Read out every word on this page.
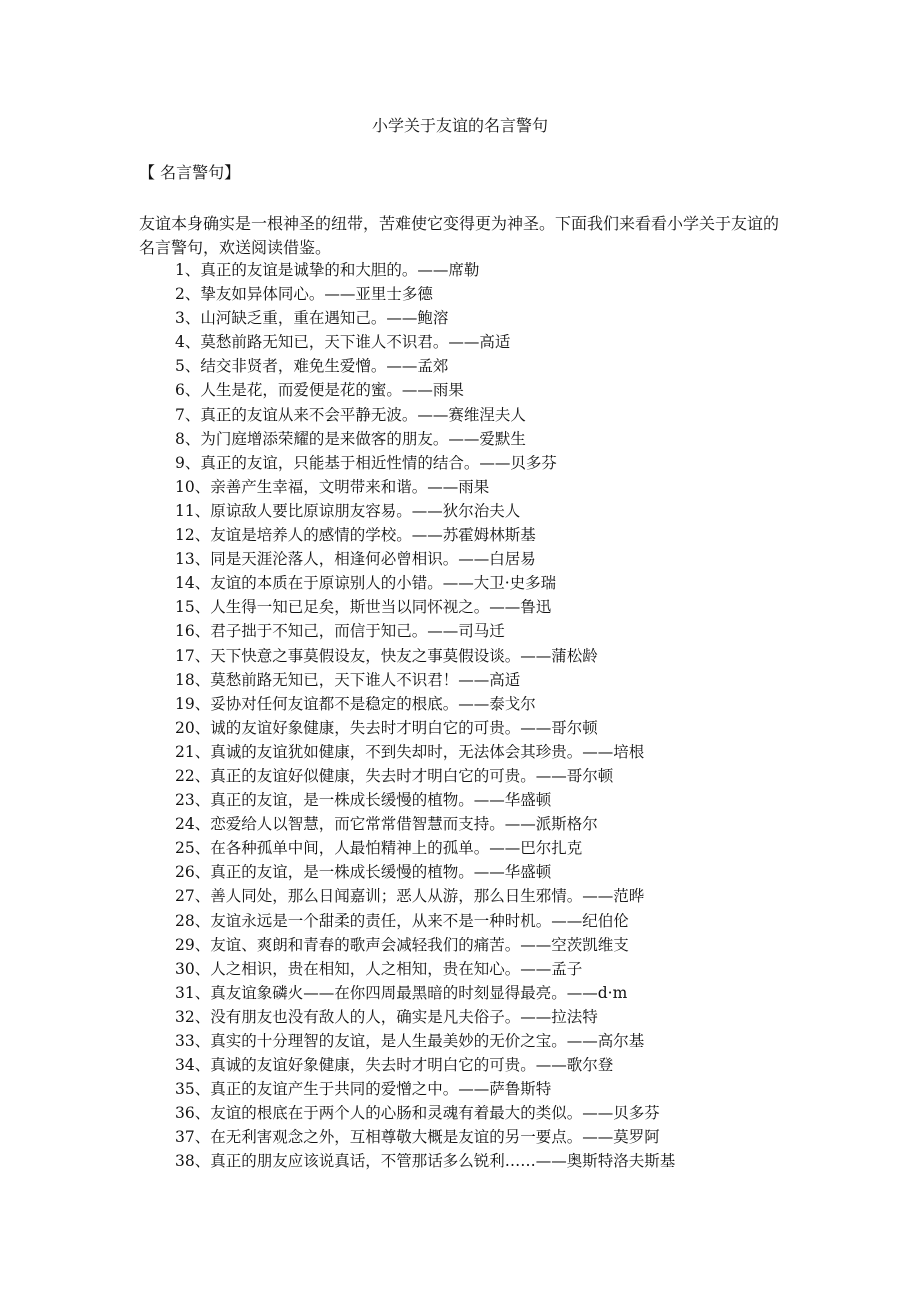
小学关于友谊的名言警句
【 名言警句】
友谊本身确实是一根神圣的纽带，苦难使它变得更为神圣。下面我们来看看小学关于友谊的名言警句，欢送阅读借鉴。
1、真正的友谊是诚挚的和大胆的。——席勒
2、挚友如异体同心。——亚里士多德
3、山河缺乏重，重在遇知己。——鲍溶
4、莫愁前路无知已，天下谁人不识君。——高适
5、结交非贤者，难免生爱憎。——孟郊
6、人生是花，而爱便是花的蜜。——雨果
7、真正的友谊从来不会平静无波。——赛维涅夫人
8、为门庭增添荣耀的是来做客的朋友。——爱默生
9、真正的友谊，只能基于相近性情的结合。——贝多芬
10、亲善产生幸福，文明带来和谐。——雨果
11、原谅敌人要比原谅朋友容易。——狄尔治夫人
12、友谊是培养人的感情的学校。——苏霍姆林斯基
13、同是天涯沦落人，相逢何必曾相识。——白居易
14、友谊的本质在于原谅别人的小错。——大卫·史多瑞
15、人生得一知已足矣，斯世当以同怀视之。——鲁迅
16、君子拙于不知己，而信于知己。——司马迁
17、天下快意之事莫假设友，快友之事莫假设谈。——蒲松龄
18、莫愁前路无知已，天下谁人不识君！——高适
19、妥协对任何友谊都不是稳定的根底。——泰戈尔
20、诚的友谊好象健康，失去时才明白它的可贵。——哥尔顿
21、真诚的友谊犹如健康，不到失却时，无法体会其珍贵。——培根
22、真正的友谊好似健康，失去时才明白它的可贵。——哥尔顿
23、真正的友谊，是一株成长缓慢的植物。——华盛顿
24、恋爱给人以智慧，而它常常借智慧而支持。——派斯格尔
25、在各种孤单中间，人最怕精神上的孤单。——巴尔扎克
26、真正的友谊，是一株成长缓慢的植物。——华盛顿
27、善人同处，那么日闻嘉训；恶人从游，那么日生邪情。——范晔
28、友谊永远是一个甜柔的责任，从来不是一种时机。——纪伯伦
29、友谊、爽朗和青春的歌声会减轻我们的痛苦。——空茨凯维支
30、人之相识，贵在相知，人之相知，贵在知心。——孟子
31、真友谊象磷火——在你四周最黑暗的时刻显得最亮。——d·m
32、没有朋友也没有敌人的人，确实是凡夫俗子。——拉法特
33、真实的十分理智的友谊，是人生最美妙的无价之宝。——高尔基
34、真诚的友谊好象健康，失去时才明白它的可贵。——歌尔登
35、真正的友谊产生于共同的爱憎之中。——萨鲁斯特
36、友谊的根底在于两个人的心肠和灵魂有着最大的类似。——贝多芬
37、在无利害观念之外，互相尊敬大概是友谊的另一要点。——莫罗阿
38、真正的朋友应该说真话，不管那话多么锐利……——奥斯特洛夫斯基
